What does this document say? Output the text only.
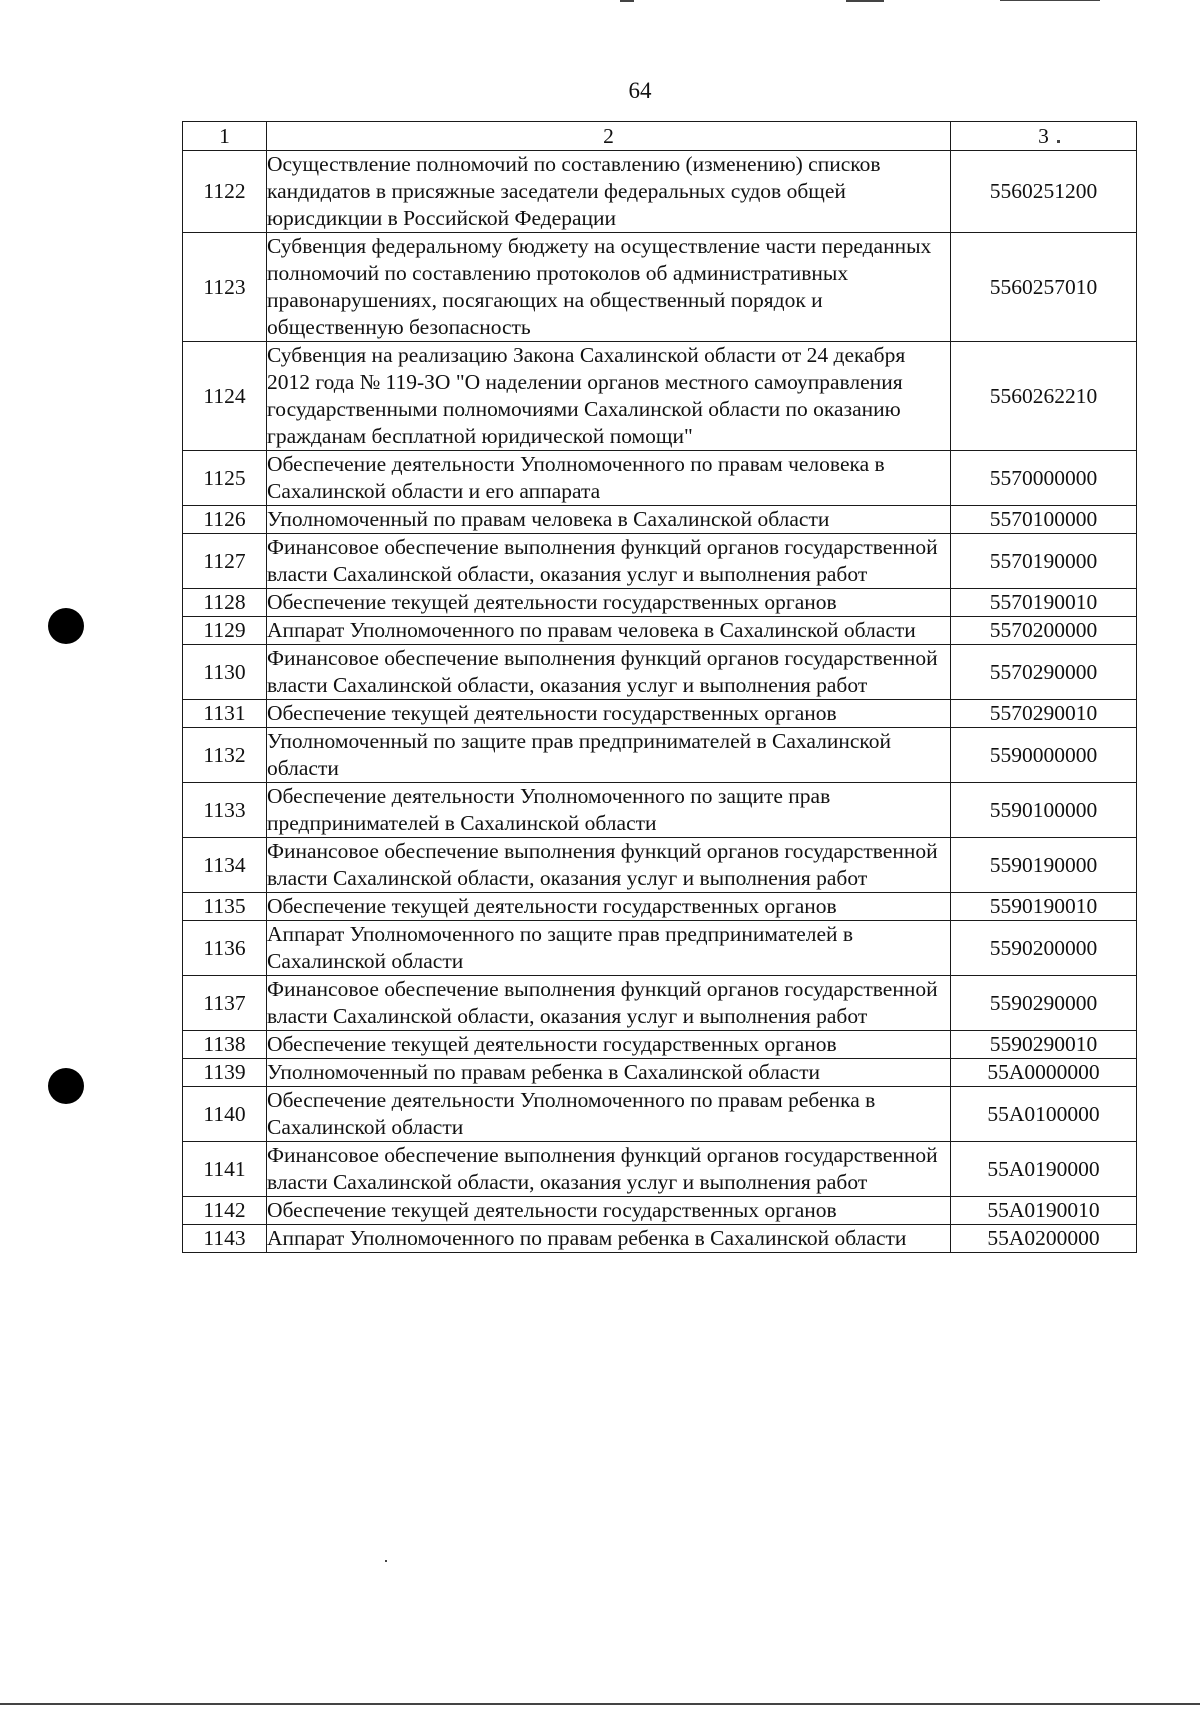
64
1	2	3
1122	Осуществление полномочий по составлению (изменению) списков кандидатов в присяжные заседатели федеральных судов общей юрисдикции в Российской Федерации	5560251200
1123	Субвенция федеральному бюджету на осуществление части переданных полномочий по составлению протоколов об административных правонарушениях, посягающих на общественный порядок и общественную безопасность	5560257010
1124	Субвенция на реализацию Закона Сахалинской области от 24 декабря 2012 года № 119-ЗО "О наделении органов местного самоуправления государственными полномочиями Сахалинской области по оказанию гражданам бесплатной юридической помощи"	5560262210
1125	Обеспечение деятельности Уполномоченного по правам человека в Сахалинской области и его аппарата	5570000000
1126	Уполномоченный по правам человека в Сахалинской области	5570100000
1127	Финансовое обеспечение выполнения функций органов государственной власти Сахалинской области, оказания услуг и выполнения работ	5570190000
1128	Обеспечение текущей деятельности государственных органов	5570190010
1129	Аппарат Уполномоченного по правам человека в Сахалинской области	5570200000
1130	Финансовое обеспечение выполнения функций органов государственной власти Сахалинской области, оказания услуг и выполнения работ	5570290000
1131	Обеспечение текущей деятельности государственных органов	5570290010
1132	Уполномоченный по защите прав предпринимателей в Сахалинской области	5590000000
1133	Обеспечение деятельности Уполномоченного по защите прав предпринимателей в Сахалинской области	5590100000
1134	Финансовое обеспечение выполнения функций органов государственной власти Сахалинской области, оказания услуг и выполнения работ	5590190000
1135	Обеспечение текущей деятельности государственных органов	5590190010
1136	Аппарат Уполномоченного по защите прав предпринимателей в Сахалинской области	5590200000
1137	Финансовое обеспечение выполнения функций органов государственной власти Сахалинской области, оказания услуг и выполнения работ	5590290000
1138	Обеспечение текущей деятельности государственных органов	5590290010
1139	Уполномоченный по правам ребенка в Сахалинской области	55А0000000
1140	Обеспечение деятельности Уполномоченного по правам ребенка в Сахалинской области	55А0100000
1141	Финансовое обеспечение выполнения функций органов государственной власти Сахалинской области, оказания услуг и выполнения работ	55А0190000
1142	Обеспечение текущей деятельности государственных органов	55А0190010
1143	Аппарат Уполномоченного по правам ребенка в Сахалинской области	55А0200000
